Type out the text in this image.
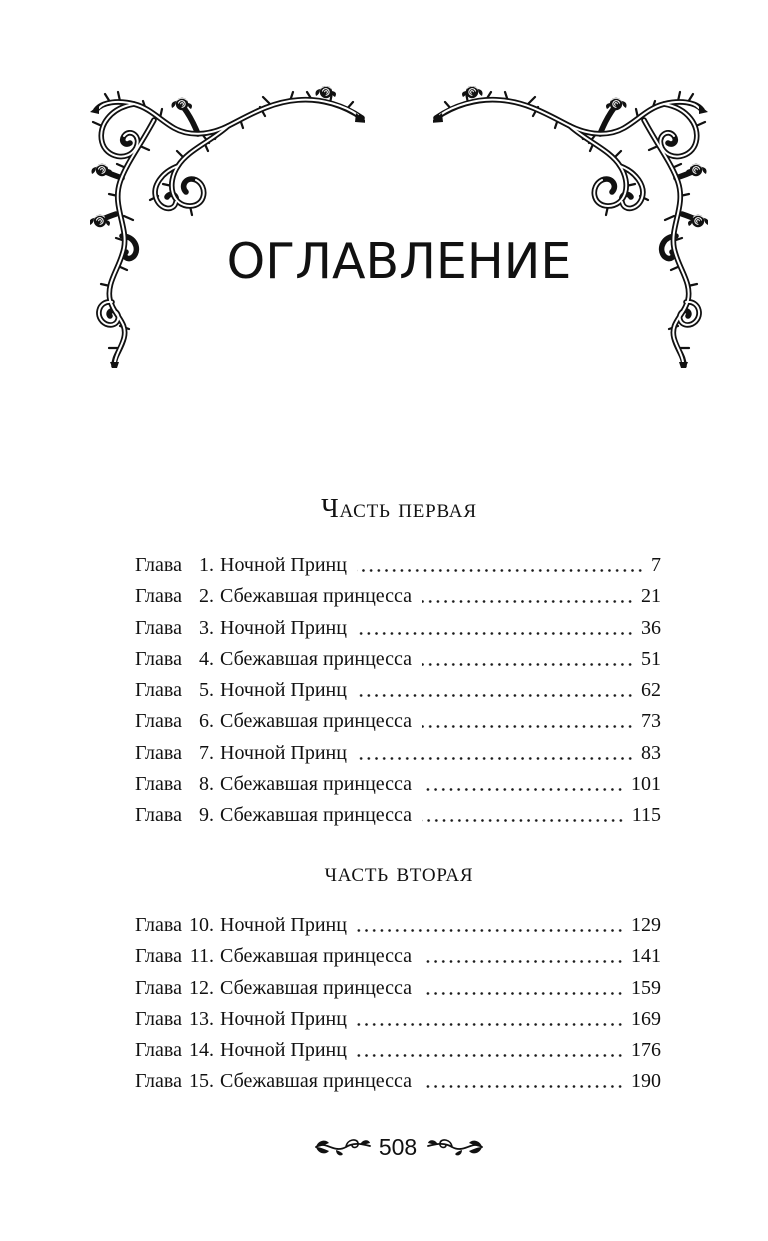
ОГЛАВЛЕНИЕ
Часть первая
Глава 1. Ночной Принц	7
Глава 2. Сбежавшая принцесса	21
Глава 3. Ночной Принц	36
Глава 4. Сбежавшая принцесса	51
Глава 5. Ночной Принц	62
Глава 6. Сбежавшая принцесса	73
Глава 7. Ночной Принц	83
Глава 8. Сбежавшая принцесса	101
Глава 9. Сбежавшая принцесса	115
часть вторая
Глава 10. Ночной Принц	129
Глава 11. Сбежавшая принцесса	141
Глава 12. Сбежавшая принцесса	159
Глава 13. Ночной Принц	169
Глава 14. Ночной Принц	176
Глава 15. Сбежавшая принцесса	190
508
